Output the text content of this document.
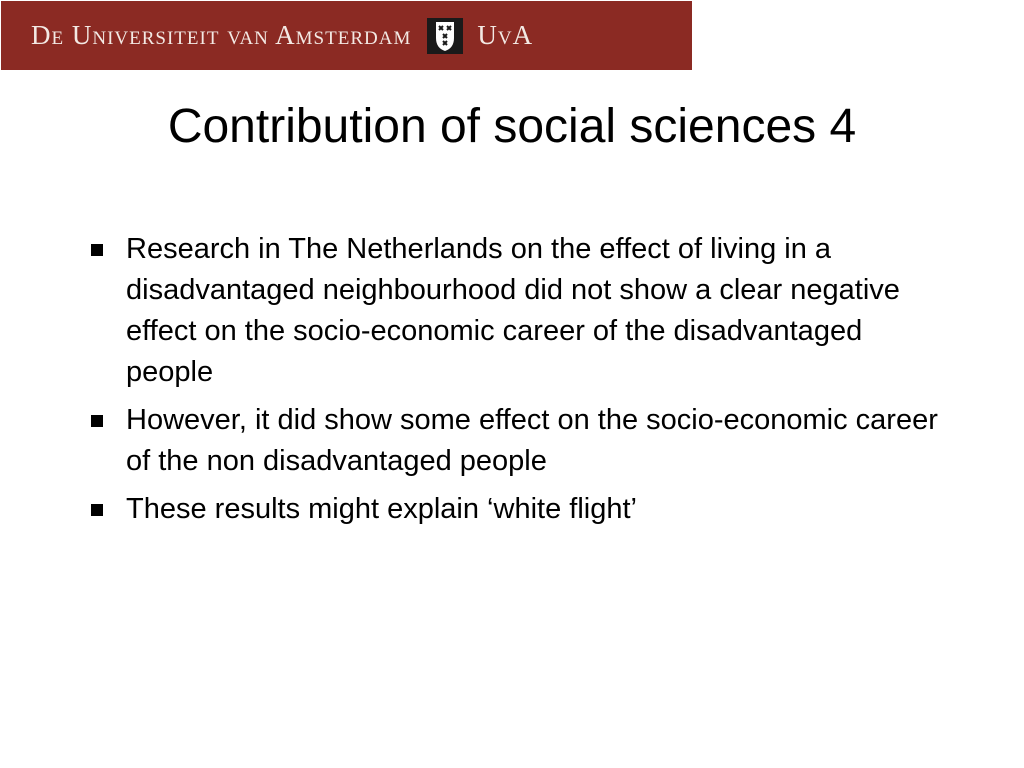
De Universiteit van Amsterdam UvA
Contribution of social sciences 4
Research in The Netherlands on the effect of living in a disadvantaged neighbourhood did not show a clear negative effect on the socio-economic career of the disadvantaged people
However, it did show some effect on the socio-economic career of the non disadvantaged people
These results might explain ‘white flight’
